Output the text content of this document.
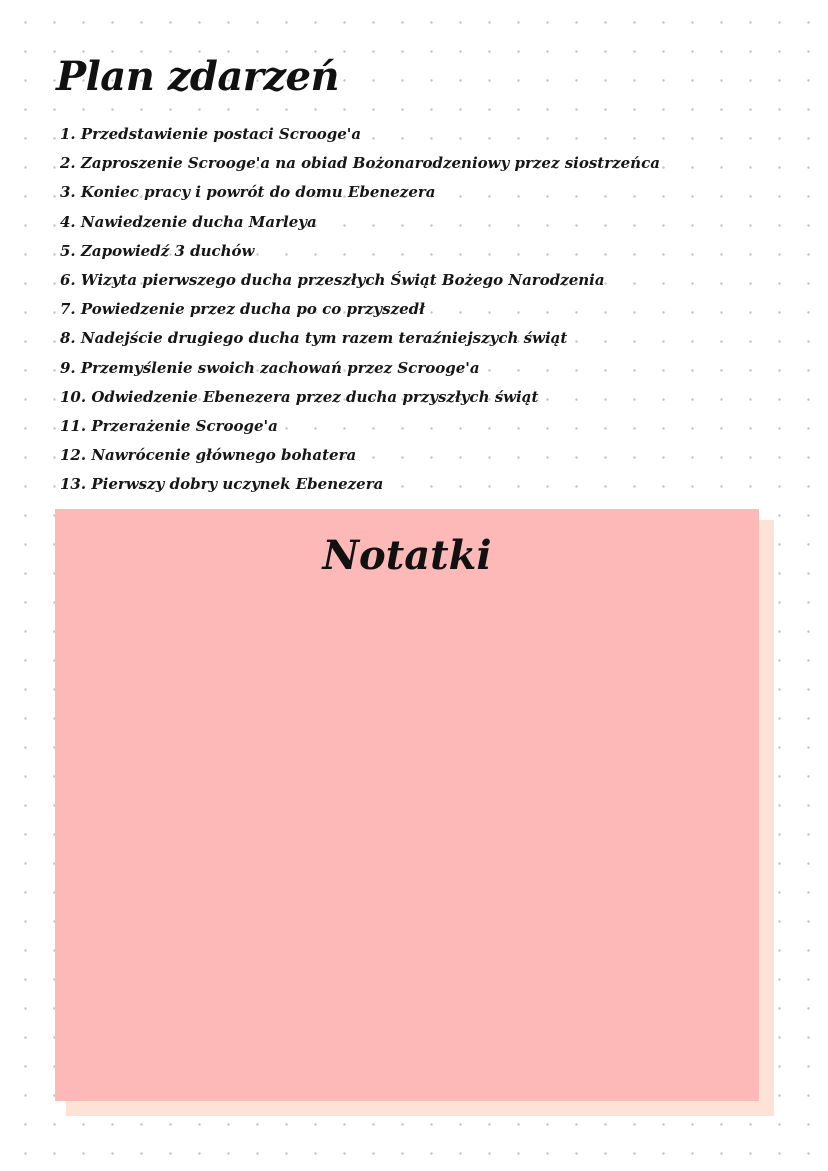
Plan zdarzeń
1. Przedstawienie postaci Scrooge'a
2. Zaproszenie Scrooge'a na obiad Bożonarodzeniowy przez siostrzeńca
3. Koniec pracy i powrót do domu Ebenezera
4. Nawiedzenie ducha Marleya
5. Zapowiedź 3 duchów
6. Wizyta pierwszego ducha przeszłych Świąt Bożego Narodzenia
7. Powiedzenie przez ducha po co przyszedł
8. Nadejście drugiego ducha tym razem teraźniejszych świąt
9. Przemyślenie swoich zachowań przez Scrooge'a
10. Odwiedzenie Ebenezera przez ducha przyszłych świąt
11. Przerażenie Scrooge'a
12. Nawrócenie głównego bohatera
13. Pierwszy dobry uczynek Ebenezera
Notatki
